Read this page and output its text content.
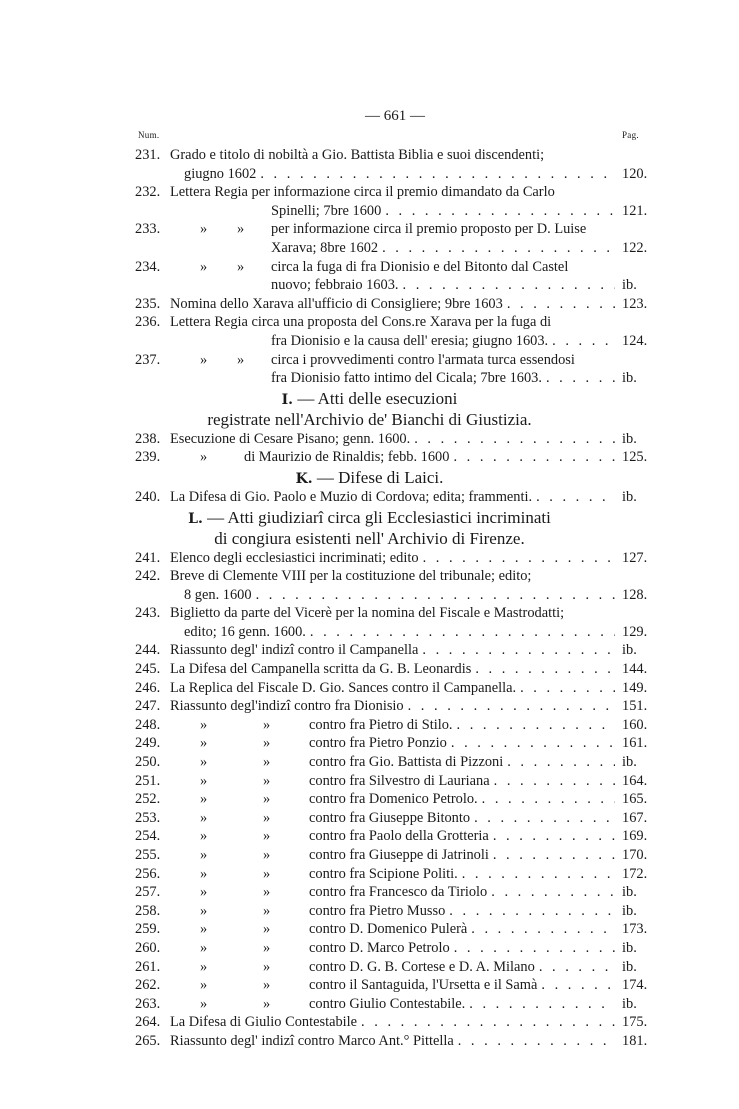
— 661 —
Num.	Pag.
231. Grado e titolo di nobiltà a Gio. Battista Biblia e suoi discendenti;
giugno 1602 . . .	120.
232. Lettera Regia per informazione circa il premio dimandato da Carlo
Spinelli; 7bre 1600 . . .	121.
233.	» » per informazione circa il premio proposto per D. Luise
Xarava; 8bre 1602 . . .	122.
234.	» » circa la fuga di fra Dionisio e del Bitonto dal Castel
nuovo; febbraio 1603. . . .	ib.
235. Nomina dello Xarava all'ufficio di Consigliere; 9bre 1603 . . .	123.
236. Lettera Regia circa una proposta del Cons.re Xarava per la fuga di
fra Dionisio e la causa dell' eresia; giugno 1603. . . .	124.
237.	» » circa i provvedimenti contro l'armata turca essendosi
fra Dionisio fatto intimo del Cicala; 7bre 1603. . . .	ib.
I. — Atti delle esecuzioni
registrate nell'Archivio de' Bianchi di Giustizia.
238. Esecuzione di Cesare Pisano; genn. 1600. . . .	ib.
239.	»	di Maurizio de Rinaldis; febb. 1600 . . .	125.
K. — Difese di Laici.
240. La Difesa di Gio. Paolo e Muzio di Cordova; edita; frammenti. . . .	ib.
L. — Atti giudiziarî circa gli Ecclesiastici incriminati
di congiura esistenti nell' Archivio di Firenze.
241. Elenco degli ecclesiastici incriminati; edito . . .	127.
242. Breve di Clemente VIII per la costituzione del tribunale; edito;
8 gen. 1600 . . .	128.
243. Biglietto da parte del Vicerè per la nomina del Fiscale e Mastrodatti;
edito; 16 genn. 1600. . . .	129.
244. Riassunto degl' indizî contro il Campanella . . .	ib.
245. La Difesa del Campanella scritta da G. B. Leonardis . . .	144.
246. La Replica del Fiscale D. Gio. Sances contro il Campanella. . . .	149.
247. Riassunto degl'indizî contro fra Dionisio . . .	151.
248.	»	»	contro fra Pietro di Stilo. . . .	160.
249.	»	»	contro fra Pietro Ponzio . . .	161.
250.	»	»	contro fra Gio. Battista di Pizzoni . . .	ib.
251.	»	»	contro fra Silvestro di Lauriana . . .	164.
252.	»	»	contro fra Domenico Petrolo. . . .	165.
253.	»	»	contro fra Giuseppe Bitonto . . .	167.
254.	»	»	contro fra Paolo della Grotteria . . .	169.
255.	»	»	contro fra Giuseppe di Jatrinoli . . .	170.
256.	»	»	contro fra Scipione Politi. . . .	172.
257.	»	»	contro fra Francesco da Tiriolo . . .	ib.
258.	»	»	contro fra Pietro Musso . . .	ib.
259.	»	»	contro D. Domenico Pulerà . . .	173.
260.	»	»	contro D. Marco Petrolo . . .	ib.
261.	»	»	contro D. G. B. Cortese e D. A. Milano . . .	ib.
262.	»	»	contro il Santaguida, l'Ursetta e il Samà . . .	174.
263.	»	»	contro Giulio Contestabile. . . .	ib.
264. La Difesa di Giulio Contestabile . . .	175.
265. Riassunto degl' indizî contro Marco Ant.° Pittella . . .	181.
